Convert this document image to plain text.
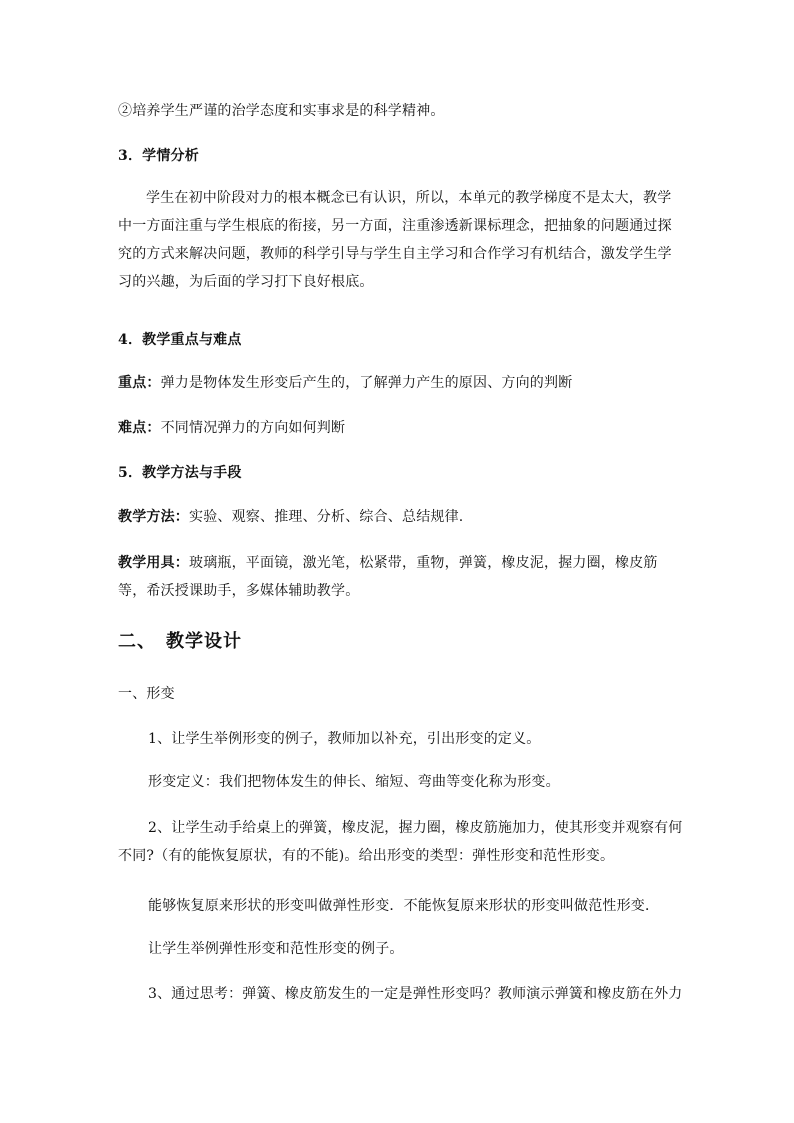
②培养学生严谨的治学态度和实事求是的科学精神。
3．学情分析
学生在初中阶段对力的根本概念已有认识，所以，本单元的教学梯度不是太大，教学中一方面注重与学生根底的衔接，另一方面，注重渗透新课标理念，把抽象的问题通过探究的方式来解决问题，教师的科学引导与学生自主学习和合作学习有机结合，激发学生学习的兴趣，为后面的学习打下良好根底。
4．教学重点与难点
重点：弹力是物体发生形变后产生的，了解弹力产生的原因、方向的判断
难点：不同情况弹力的方向如何判断
5．教学方法与手段
教学方法：实验、观察、推理、分析、综合、总结规律.
教学用具：玻璃瓶，平面镜，激光笔，松紧带，重物，弹簧，橡皮泥，握力圈，橡皮筋等，希沃授课助手，多媒体辅助教学。
二、　教学设计
一、形变
1、让学生举例形变的例子，教师加以补充，引出形变的定义。
形变定义：我们把物体发生的伸长、缩短、弯曲等变化称为形变。
2、让学生动手给桌上的弹簧，橡皮泥，握力圈，橡皮筋施加力，使其形变并观察有何不同?（有的能恢复原状，有的不能)。给出形变的类型：弹性形变和范性形变。
能够恢复原来形状的形变叫做弹性形变．不能恢复原来形状的形变叫做范性形变．
让学生举例弹性形变和范性形变的例子。
3、通过思考：弹簧、橡皮筋发生的一定是弹性形变吗？教师演示弹簧和橡皮筋在外力
